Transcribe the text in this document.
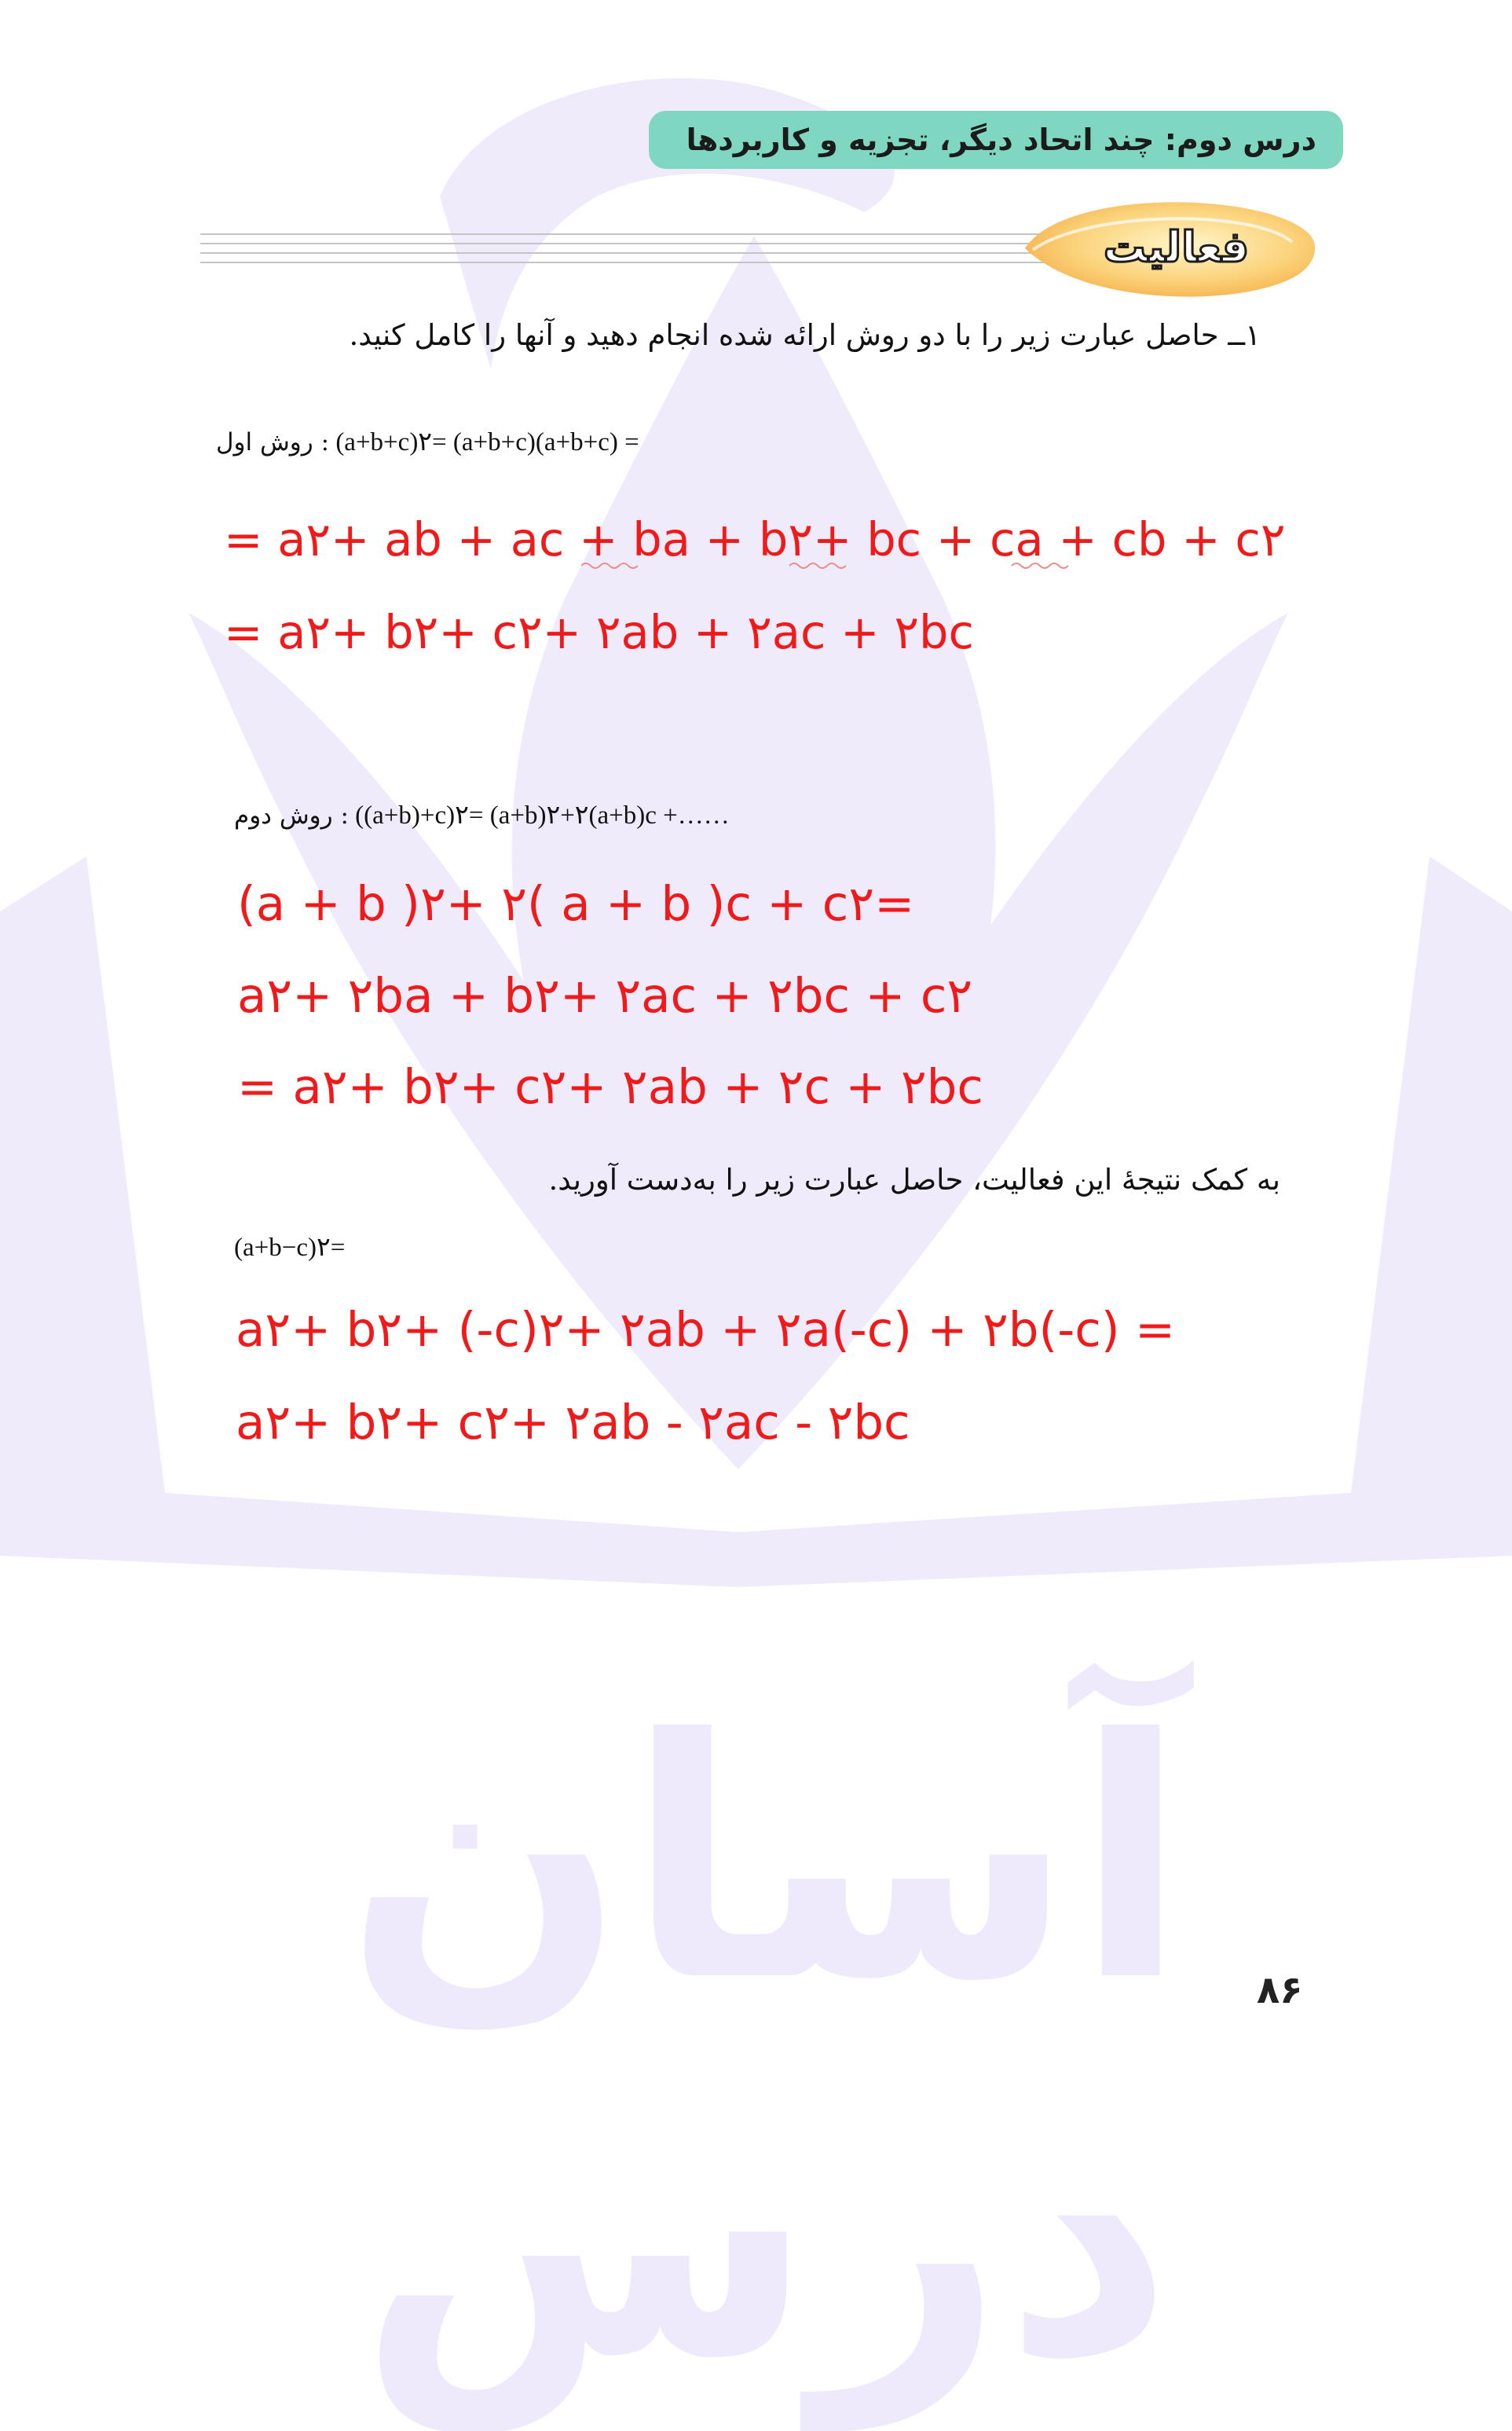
آسان درس
درس دوم: چند اتحاد دیگر، تجزیه و کاربردها
فعالیت
۱ــ حاصل عبارت زیر را با دو روش ارائه شده انجام دهید و آنها را کامل کنید.
روش اول : (a+b+c)۲= (a+b+c)(a+b+c) =
= a۲+ ab + ac + ba + b۲+ bc + ca + cb + c۲
= a۲+ b۲+ c۲+ ۲ab + ۲ac + ۲bc
روش دوم : ((a+b)+c)۲= (a+b)۲+۲(a+b)c +……
(a + b )۲+ ۲( a + b )c + c۲=
a۲+ ۲ba + b۲+ ۲ac + ۲bc + c۲
= a۲+ b۲+ c۲+ ۲ab + ۲c + ۲bc
به کمک نتیجهٔ این فعالیت، حاصل عبارت زیر را به‌دست آورید.
(a+b−c)۲=
a۲+ b۲+ (-c)۲+ ۲ab + ۲a(-c) + ۲b(-c) =
a۲+ b۲+ c۲+ ۲ab - ۲ac - ۲bc
۸۶
